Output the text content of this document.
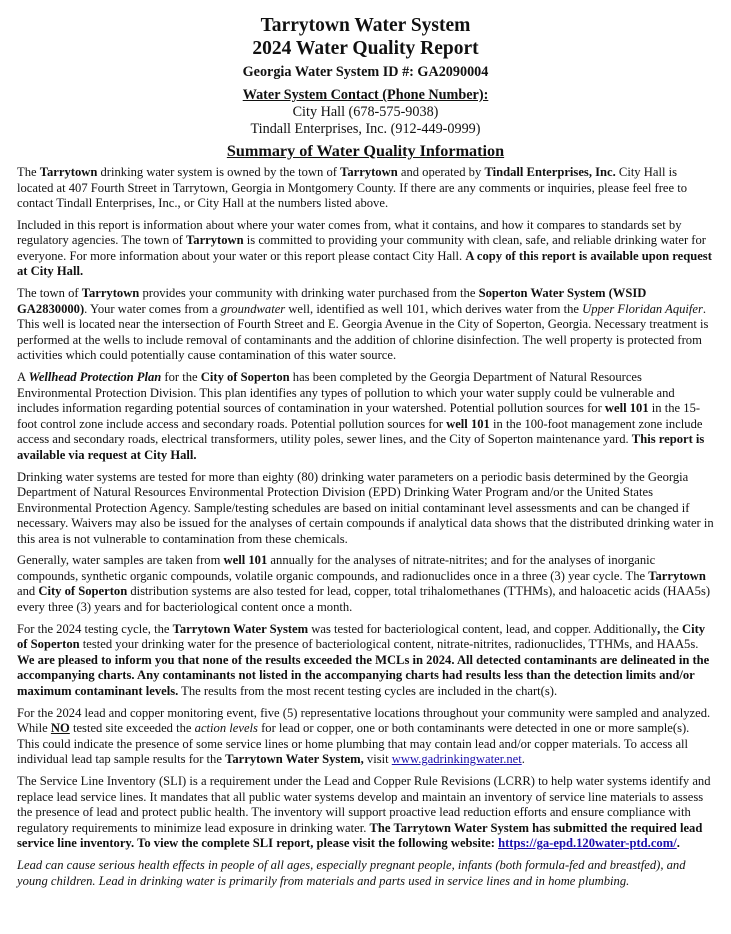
Tarrytown Water System
2024 Water Quality Report
Georgia Water System ID #: GA2090004
Water System Contact (Phone Number):
City Hall (678-575-9038)
Tindall Enterprises, Inc. (912-449-0999)
Summary of Water Quality Information

The Tarrytown drinking water system is owned by the town of Tarrytown and operated by Tindall Enterprises, Inc. City Hall is located at 407 Fourth Street in Tarrytown, Georgia in Montgomery County. If there are any comments or inquiries, please feel free to contact Tindall Enterprises, Inc., or City Hall at the numbers listed above.

Included in this report is information about where your water comes from, what it contains, and how it compares to standards set by regulatory agencies. The town of Tarrytown is committed to providing your community with clean, safe, and reliable drinking water for everyone. For more information about your water or this report please contact City Hall. A copy of this report is available upon request at City Hall.

The town of Tarrytown provides your community with drinking water purchased from the Soperton Water System (WSID GA2830000). Your water comes from a groundwater well, identified as well 101, which derives water from the Upper Floridan Aquifer. This well is located near the intersection of Fourth Street and E. Georgia Avenue in the City of Soperton, Georgia. Necessary treatment is performed at the wells to include removal of contaminants and the addition of chlorine disinfection. The well property is protected from activities which could potentially cause contamination of this water source.

A Wellhead Protection Plan for the City of Soperton has been completed by the Georgia Department of Natural Resources Environmental Protection Division. This plan identifies any types of pollution to which your water supply could be vulnerable and includes information regarding potential sources of contamination in your watershed. Potential pollution sources for well 101 in the 15-foot control zone include access and secondary roads. Potential pollution sources for well 101 in the 100-foot management zone include access and secondary roads, electrical transformers, utility poles, sewer lines, and the City of Soperton maintenance yard. This report is available via request at City Hall.

Drinking water systems are tested for more than eighty (80) drinking water parameters on a periodic basis determined by the Georgia Department of Natural Resources Environmental Protection Division (EPD) Drinking Water Program and/or the United States Environmental Protection Agency. Sample/testing schedules are based on initial contaminant level assessments and can be changed if necessary. Waivers may also be issued for the analyses of certain compounds if analytical data shows that the distributed drinking water in this area is not vulnerable to contamination from these chemicals.

Generally, water samples are taken from well 101 annually for the analyses of nitrate-nitrites; and for the analyses of inorganic compounds, synthetic organic compounds, volatile organic compounds, and radionuclides once in a three (3) year cycle. The Tarrytown and City of Soperton distribution systems are also tested for lead, copper, total trihalomethanes (TTHMs), and haloacetic acids (HAA5s) every three (3) years and for bacteriological content once a month.

For the 2024 testing cycle, the Tarrytown Water System was tested for bacteriological content, lead, and copper. Additionally, the City of Soperton tested your drinking water for the presence of bacteriological content, nitrate-nitrites, radionuclides, TTHMs, and HAA5s. We are pleased to inform you that none of the results exceeded the MCLs in 2024. All detected contaminants are delineated in the accompanying charts. Any contaminants not listed in the accompanying charts had results less than the detection limits and/or maximum contaminant levels. The results from the most recent testing cycles are included in the chart(s).

For the 2024 lead and copper monitoring event, five (5) representative locations throughout your community were sampled and analyzed. While NO tested site exceeded the action levels for lead or copper, one or both contaminants were detected in one or more sample(s). This could indicate the presence of some service lines or home plumbing that may contain lead and/or copper materials. To access all individual lead tap sample results for the Tarrytown Water System, visit www.gadrinkingwater.net.

The Service Line Inventory (SLI) is a requirement under the Lead and Copper Rule Revisions (LCRR) to help water systems identify and replace lead service lines. It mandates that all public water systems develop and maintain an inventory of service line materials to assess the presence of lead and protect public health. The inventory will support proactive lead reduction efforts and ensure compliance with regulatory requirements to minimize lead exposure in drinking water. The Tarrytown Water System has submitted the required lead service line inventory. To view the complete SLI report, please visit the following website: https://ga-epd.120water-ptd.com/.

Lead can cause serious health effects in people of all ages, especially pregnant people, infants (both formula-fed and breastfed), and young children. Lead in drinking water is primarily from materials and parts used in service lines and in home plumbing.
